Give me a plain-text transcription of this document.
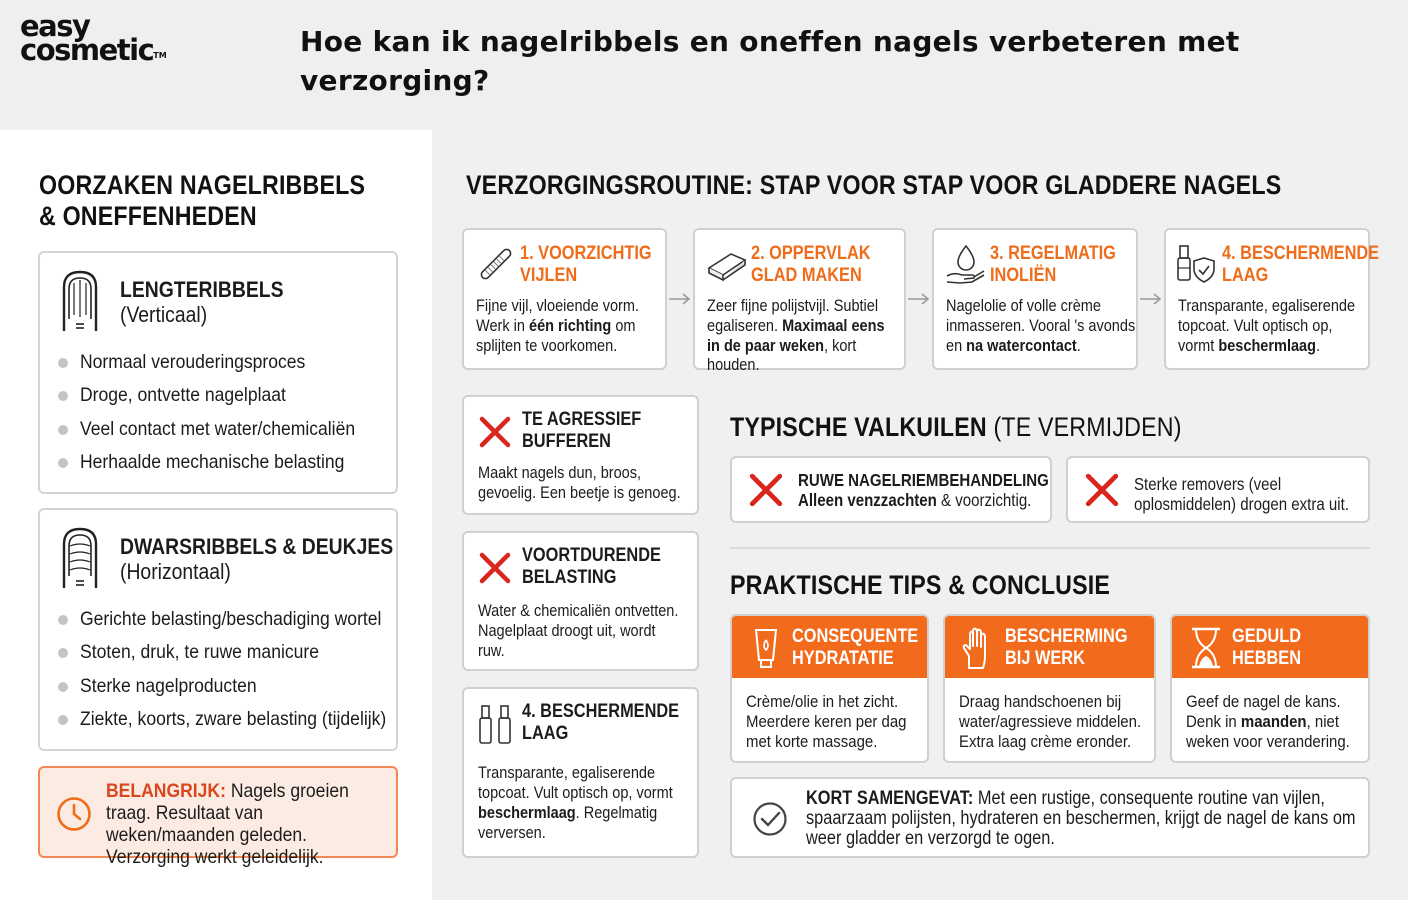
easy
cosmetic™	Hoe kan ik nagelribbels en oneffen nagels verbeteren met verzorging?
OORZAKEN NAGELRIBBELS
& ONEFFENHEDEN
LENGTERIBBELS
(Verticaal)
Normaal verouderingsproces
Droge, ontvette nagelplaat
Veel contact met water/chemicaliën
Herhaalde mechanische belasting
DWARSRIBBELS & DEUKJES
(Horizontaal)
Gerichte belasting/beschadiging wortel
Stoten, druk, te ruwe manicure
Sterke nagelproducten
Ziekte, koorts, zware belasting (tijdelijk)
BELANGRIJK: Nagels groeien traag. Resultaat van weken/maanden geleden. Verzorging werkt geleidelijk.
VERZORGINGSROUTINE: STAP VOOR STAP VOOR GLADDERE NAGELS
1. VOORZICHTIG
VIJLEN
Fijne vijl, vloeiende vorm. Werk in één richting om splijten te voorkomen.
2. OPPERVLAK
GLAD MAKEN
Zeer fijne polijstvijl. Subtiel egaliseren. Maximaal eens in de paar weken, kort houden.
3. REGELMATIG
INOLIËN
Nagelolie of volle crème inmasseren. Vooral 's avonds en na watercontact.
4. BESCHERMENDE
LAAG
Transparante, egaliserende topcoat. Vult optisch op, vormt beschermlaag.
TE AGRESSIEF
BUFFEREN
Maakt nagels dun, broos, gevoelig. Een beetje is genoeg.
VOORTDURENDE
BELASTING
Water & chemicaliën ontvetten. Nagelplaat droogt uit, wordt ruw.
4. BESCHERMENDE
LAAG
Transparante, egaliserende topcoat. Vult optisch op, vormt beschermlaag. Regelmatig verversen.
TYPISCHE VALKUILEN (TE VERMIJDEN)
RUWE NAGELRIEMBEHANDELING
Alleen venzzachten & voorzichtig.
Sterke removers (veel
oplosmiddelen) drogen extra uit.
PRAKTISCHE TIPS & CONCLUSIE
CONSEQUENTE
HYDRATATIE
Crème/olie in het zicht. Meerdere keren per dag met korte massage.
BESCHERMING
BIJ WERK
Draag handschoenen bij water/agressieve middelen. Extra laag crème eronder.
GEDULD
HEBBEN
Geef de nagel de kans. Denk in maanden, niet weken voor verandering.
KORT SAMENGEVAT: Met een rustige, consequente routine van vijlen, spaarzaam polijsten, hydrateren en beschermen, krijgt de nagel de kans om weer gladder en verzorgd te ogen.
